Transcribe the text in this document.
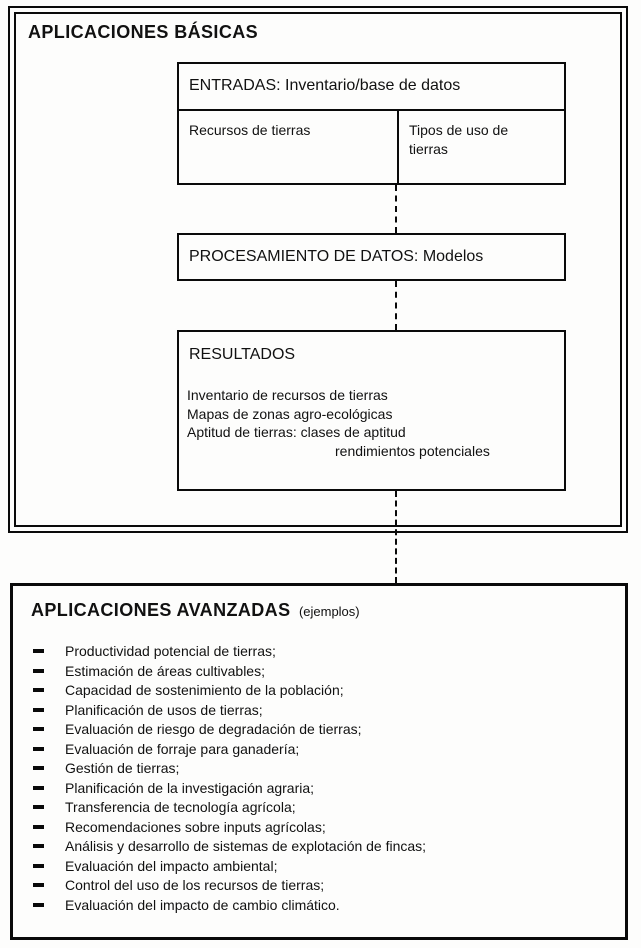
APLICACIONES BÁSICAS
ENTRADAS: Inventario/base de datos
Recursos de tierras	Tipos de uso de tierras
PROCESAMIENTO DE DATOS: Modelos
RESULTADOS
Inventario de recursos de tierras
Mapas de zonas agro-ecológicas
Aptitud de tierras: clases de aptitud
rendimientos potenciales
APLICACIONES AVANZADAS (ejemplos)
Productividad potencial de tierras;
Estimación de áreas cultivables;
Capacidad de sostenimiento de la población;
Planificación de usos de tierras;
Evaluación de riesgo de degradación de tierras;
Evaluación de forraje para ganadería;
Gestión de tierras;
Planificación de la investigación agraria;
Transferencia de tecnología agrícola;
Recomendaciones sobre inputs agrícolas;
Análisis y desarrollo de sistemas de explotación de fincas;
Evaluación del impacto ambiental;
Control del uso de los recursos de tierras;
Evaluación del impacto de cambio climático.
